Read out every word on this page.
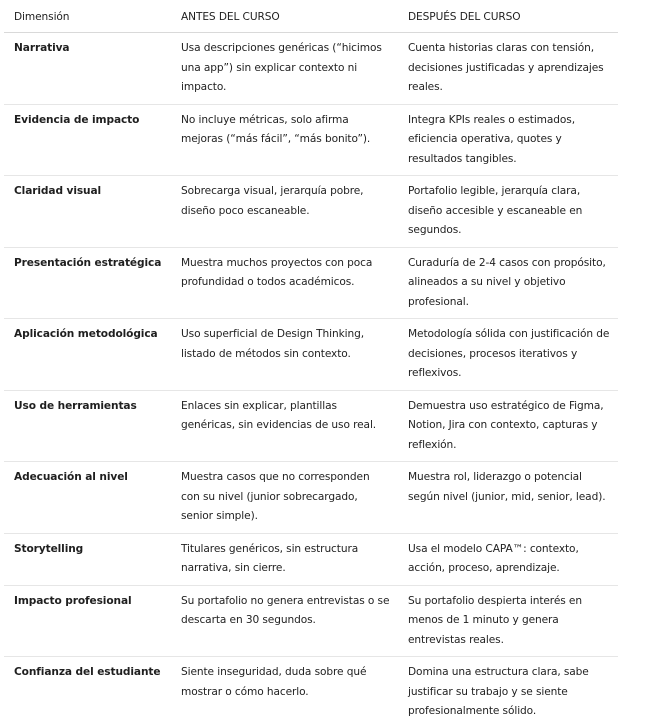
Dimensión	ANTES DEL CURSO	DESPUÉS DEL CURSO
Narrativa	Usa descripciones genéricas (“hicimos una app”) sin explicar contexto ni impacto.	Cuenta historias claras con tensión, decisiones justificadas y aprendizajes reales.
Evidencia de impacto	No incluye métricas, solo afirma mejoras (“más fácil”, “más bonito”).	Integra KPIs reales o estimados, eficiencia operativa, quotes y resultados tangibles.
Claridad visual	Sobrecarga visual, jerarquía pobre, diseño poco escaneable.	Portafolio legible, jerarquía clara, diseño accesible y escaneable en segundos.
Presentación estratégica	Muestra muchos proyectos con poca profundidad o todos académicos.	Curaduría de 2-4 casos con propósito, alineados a su nivel y objetivo profesional.
Aplicación metodológica	Uso superficial de Design Thinking, listado de métodos sin contexto.	Metodología sólida con justificación de decisiones, procesos iterativos y reflexivos.
Uso de herramientas	Enlaces sin explicar, plantillas genéricas, sin evidencias de uso real.	Demuestra uso estratégico de Figma, Notion, Jira con contexto, capturas y reflexión.
Adecuación al nivel	Muestra casos que no corresponden con su nivel (junior sobrecargado, senior simple).	Muestra rol, liderazgo o potencial según nivel (junior, mid, senior, lead).
Storytelling	Titulares genéricos, sin estructura narrativa, sin cierre.	Usa el modelo CAPA™: contexto, acción, proceso, aprendizaje.
Impacto profesional	Su portafolio no genera entrevistas o se descarta en 30 segundos.	Su portafolio despierta interés en menos de 1 minuto y genera entrevistas reales.
Confianza del estudiante	Siente inseguridad, duda sobre qué mostrar o cómo hacerlo.	Domina una estructura clara, sabe justificar su trabajo y se siente profesionalmente sólido.
